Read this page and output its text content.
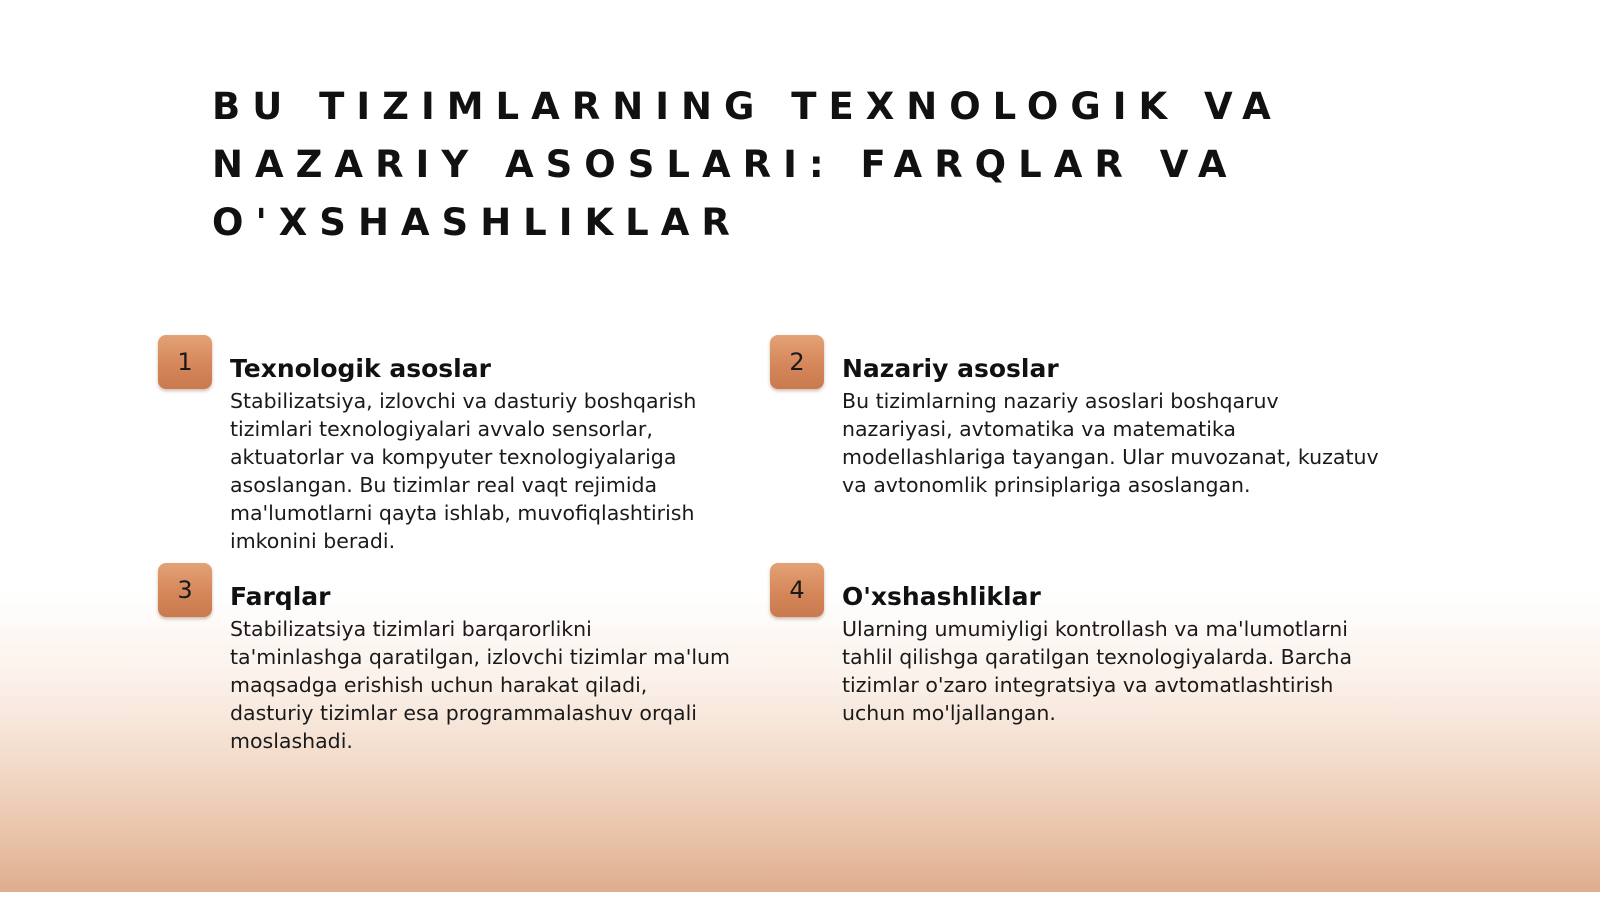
BU TIZIMLARNING TEXNOLOGIK VA NAZARIY ASOSLARI: FARQLAR VA O'XSHASHLIKLAR
1	Texnologik asoslar

Stabilizatsiya, izlovchi va dasturiy boshqarish tizimlari texnologiyalari avvalo sensorlar, aktuatorlar va kompyuter texnologiyalariga asoslangan. Bu tizimlar real vaqt rejimida ma'lumotlarni qayta ishlab, muvofiqlashtirish imkonini beradi.

2	Nazariy asoslar

Bu tizimlarning nazariy asoslari boshqaruv nazariyasi, avtomatika va matematika modellashlariga tayangan. Ular muvozanat, kuzatuv va avtonomlik prinsiplariga asoslangan.

3	Farqlar

Stabilizatsiya tizimlari barqarorlikni ta'minlashga qaratilgan, izlovchi tizimlar ma'lum maqsadga erishish uchun harakat qiladi, dasturiy tizimlar esa programmalashuv orqali moslashadi.

4	O'xshashliklar

Ularning umumiyligi kontrollash va ma'lumotlarni tahlil qilishga qaratilgan texnologiyalarda. Barcha tizimlar o'zaro integratsiya va avtomatlashtirish uchun mo'ljallangan.
